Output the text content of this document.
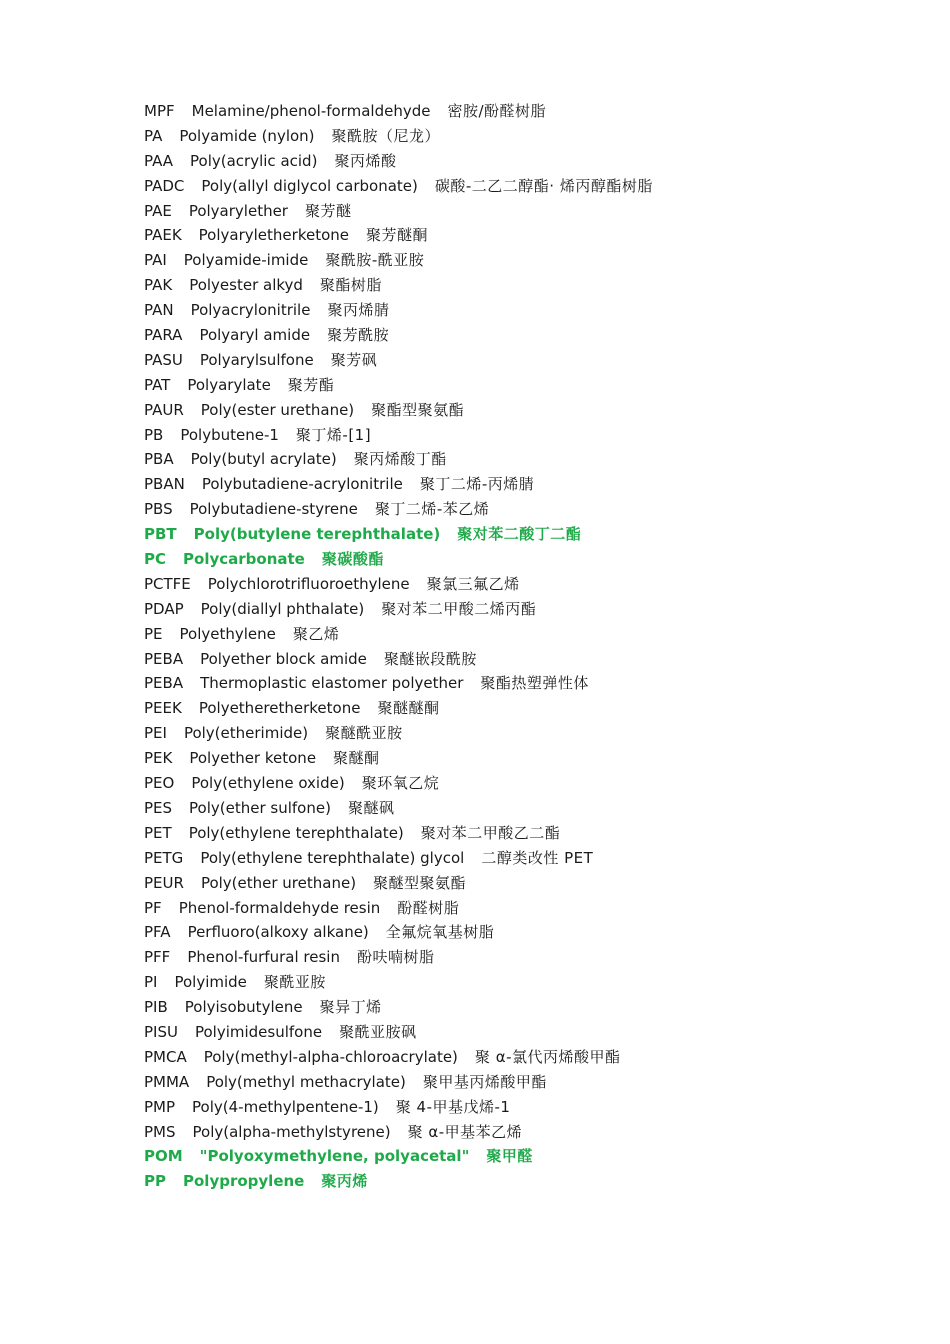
MPF Melamine/phenol-formaldehyde 密胺/酚醛树脂
PA Polyamide (nylon) 聚酰胺（尼龙）
PAA Poly(acrylic acid) 聚丙烯酸
PADC Poly(allyl diglycol carbonate) 碳酸-二乙二醇酯· 烯丙醇酯树脂
PAE Polyarylether 聚芳醚
PAEK Polyaryletherketone 聚芳醚酮
PAI Polyamide-imide 聚酰胺-酰亚胺
PAK Polyester alkyd 聚酯树脂
PAN Polyacrylonitrile 聚丙烯腈
PARA Polyaryl amide 聚芳酰胺
PASU Polyarylsulfone 聚芳砜
PAT Polyarylate 聚芳酯
PAUR Poly(ester urethane) 聚酯型聚氨酯
PB Polybutene-1 聚丁烯-[1]
PBA Poly(butyl acrylate) 聚丙烯酸丁酯
PBAN Polybutadiene-acrylonitrile 聚丁二烯-丙烯腈
PBS Polybutadiene-styrene 聚丁二烯-苯乙烯
PBT Poly(butylene terephthalate) 聚对苯二酸丁二酯
PC Polycarbonate 聚碳酸酯
PCTFE Polychlorotrifluoroethylene 聚氯三氟乙烯
PDAP Poly(diallyl phthalate) 聚对苯二甲酸二烯丙酯
PE Polyethylene 聚乙烯
PEBA Polyether block amide 聚醚嵌段酰胺
PEBA Thermoplastic elastomer polyether 聚酯热塑弹性体
PEEK Polyetheretherketone 聚醚醚酮
PEI Poly(etherimide) 聚醚酰亚胺
PEK Polyether ketone 聚醚酮
PEO Poly(ethylene oxide) 聚环氧乙烷
PES Poly(ether sulfone) 聚醚砜
PET Poly(ethylene terephthalate) 聚对苯二甲酸乙二酯
PETG Poly(ethylene terephthalate) glycol 二醇类改性 PET
PEUR Poly(ether urethane) 聚醚型聚氨酯
PF Phenol-formaldehyde resin 酚醛树脂
PFA Perfluoro(alkoxy alkane) 全氟烷氧基树脂
PFF Phenol-furfural resin 酚呋喃树脂
PI Polyimide 聚酰亚胺
PIB Polyisobutylene 聚异丁烯
PISU Polyimidesulfone 聚酰亚胺砜
PMCA Poly(methyl-alpha-chloroacrylate) 聚 α-氯代丙烯酸甲酯
PMMA Poly(methyl methacrylate) 聚甲基丙烯酸甲酯
PMP Poly(4-methylpentene-1) 聚 4-甲基戊烯-1
PMS Poly(alpha-methylstyrene) 聚 α-甲基苯乙烯
POM "Polyoxymethylene, polyacetal" 聚甲醛
PP Polypropylene 聚丙烯
